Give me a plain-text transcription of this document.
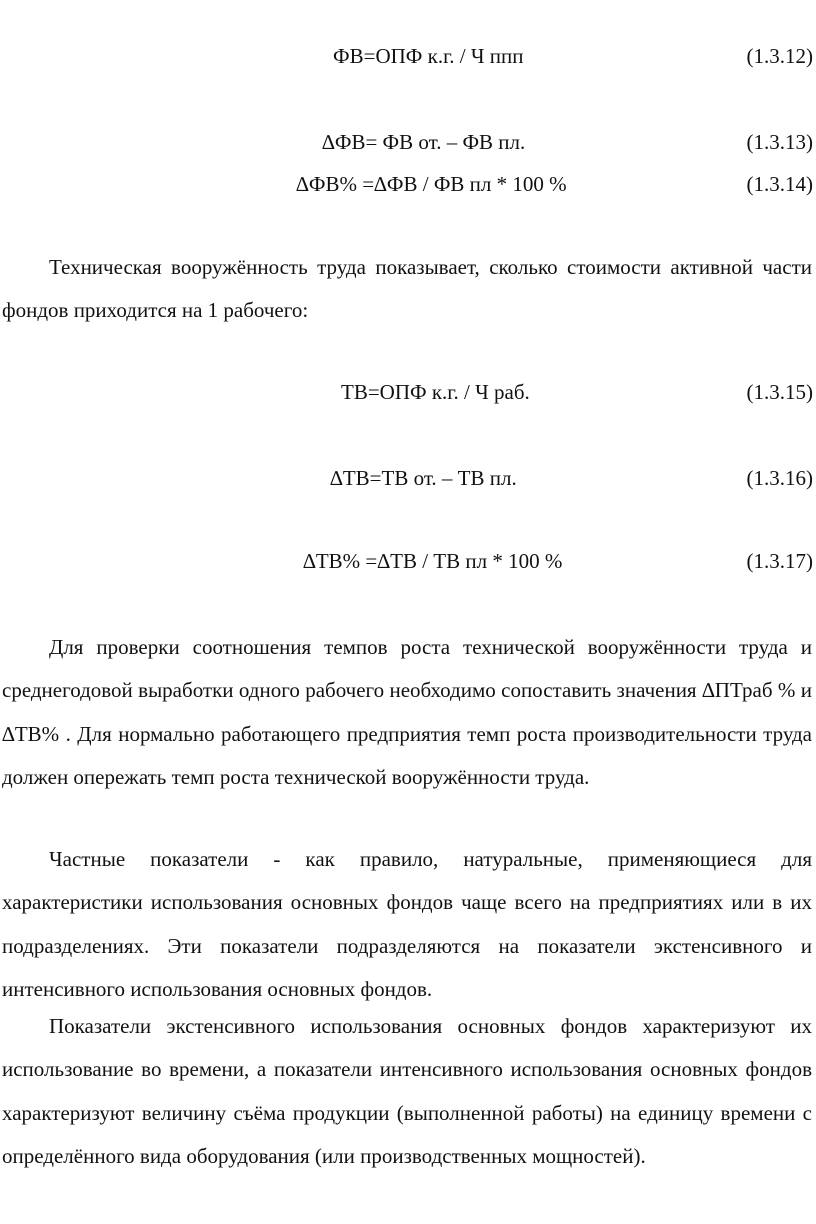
ФВ=ОПФ к.г. / Ч ппп	(1.3.12)
∆ФВ= ФВ от. – ФВ пл.	(1.3.13)
∆ФВ% =∆ФВ / ФВ пл * 100 %	(1.3.14)

Техническая вооружённость труда показывает, сколько стоимости активной части фондов приходится на 1 рабочего:

ТВ=ОПФ к.г. / Ч раб.	(1.3.15)
∆ТВ=ТВ от. – ТВ пл.	(1.3.16)
∆ТВ% =∆ТВ / ТВ пл * 100 %	(1.3.17)

Для проверки соотношения темпов роста технической вооружённости труда и среднегодовой выработки одного рабочего необходимо сопоставить значения ∆ПТраб % и ∆ТВ% . Для нормально работающего предприятия темп роста производительности труда должен опережать темп роста технической вооружённости труда.

Частные показатели - как правило, натуральные, применяющиеся для характеристики использования основных фондов чаще всего на предприятиях или в их подразделениях. Эти показатели подразделяются на показатели экстенсивного и интенсивного использования основных фондов.

Показатели экстенсивного использования основных фондов характеризуют их использование во времени, а показатели интенсивного использования основных фондов характеризуют величину съёма продукции (выполненной работы) на единицу времени с определённого вида оборудования (или производственных мощностей).
